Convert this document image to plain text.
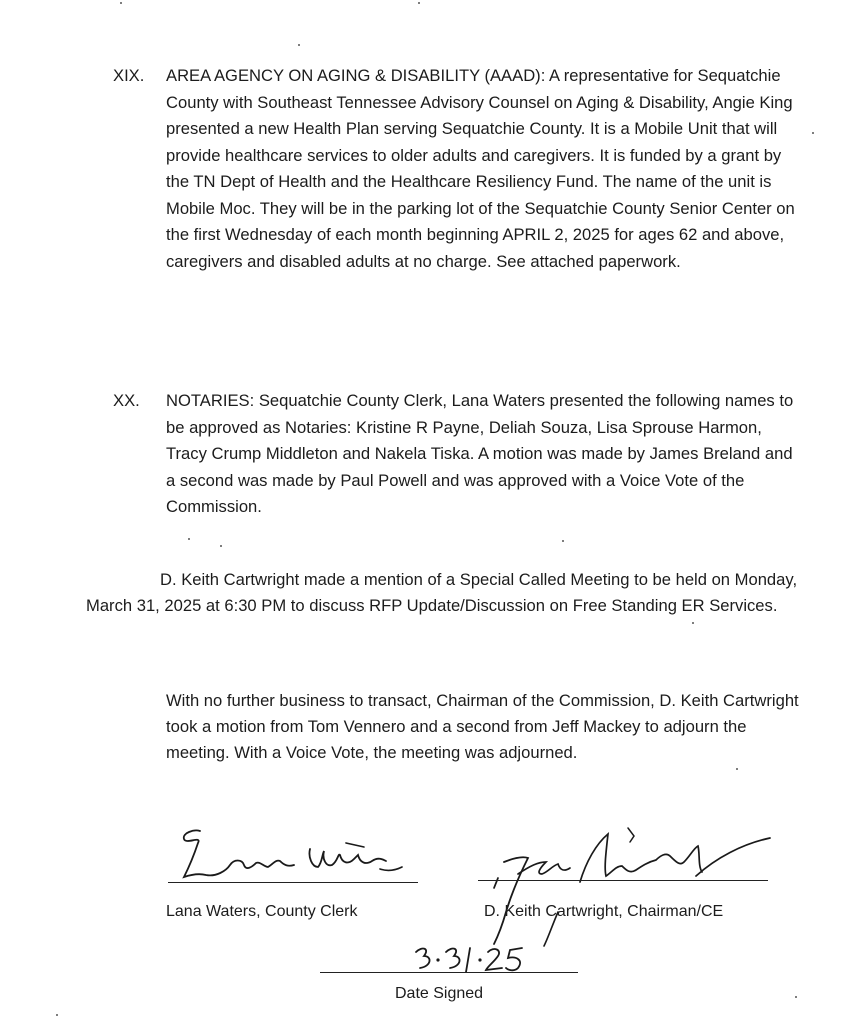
XIX. AREA AGENCY ON AGING & DISABILITY (AAAD): A representative for Sequatchie County with Southeast Tennessee Advisory Counsel on Aging & Disability, Angie King presented a new Health Plan serving Sequatchie County. It is a Mobile Unit that will provide healthcare services to older adults and caregivers. It is funded by a grant by the TN Dept of Health and the Healthcare Resiliency Fund. The name of the unit is Mobile Moc. They will be in the parking lot of the Sequatchie County Senior Center on the first Wednesday of each month beginning APRIL 2, 2025 for ages 62 and above, caregivers and disabled adults at no charge. See attached paperwork.
XX. NOTARIES: Sequatchie County Clerk, Lana Waters presented the following names to be approved as Notaries: Kristine R Payne, Deliah Souza, Lisa Sprouse Harmon, Tracy Crump Middleton and Nakela Tiska. A motion was made by James Breland and a second was made by Paul Powell and was approved with a Voice Vote of the Commission.
D. Keith Cartwright made a mention of a Special Called Meeting to be held on Monday, March 31, 2025 at 6:30 PM to discuss RFP Update/Discussion on Free Standing ER Services.
With no further business to transact, Chairman of the Commission, D. Keith Cartwright took a motion from Tom Vennero and a second from Jeff Mackey to adjourn the meeting. With a Voice Vote, the meeting was adjourned.
Lana Waters, County Clerk	D. Keith Cartwright, Chairman/CE
Date Signed
